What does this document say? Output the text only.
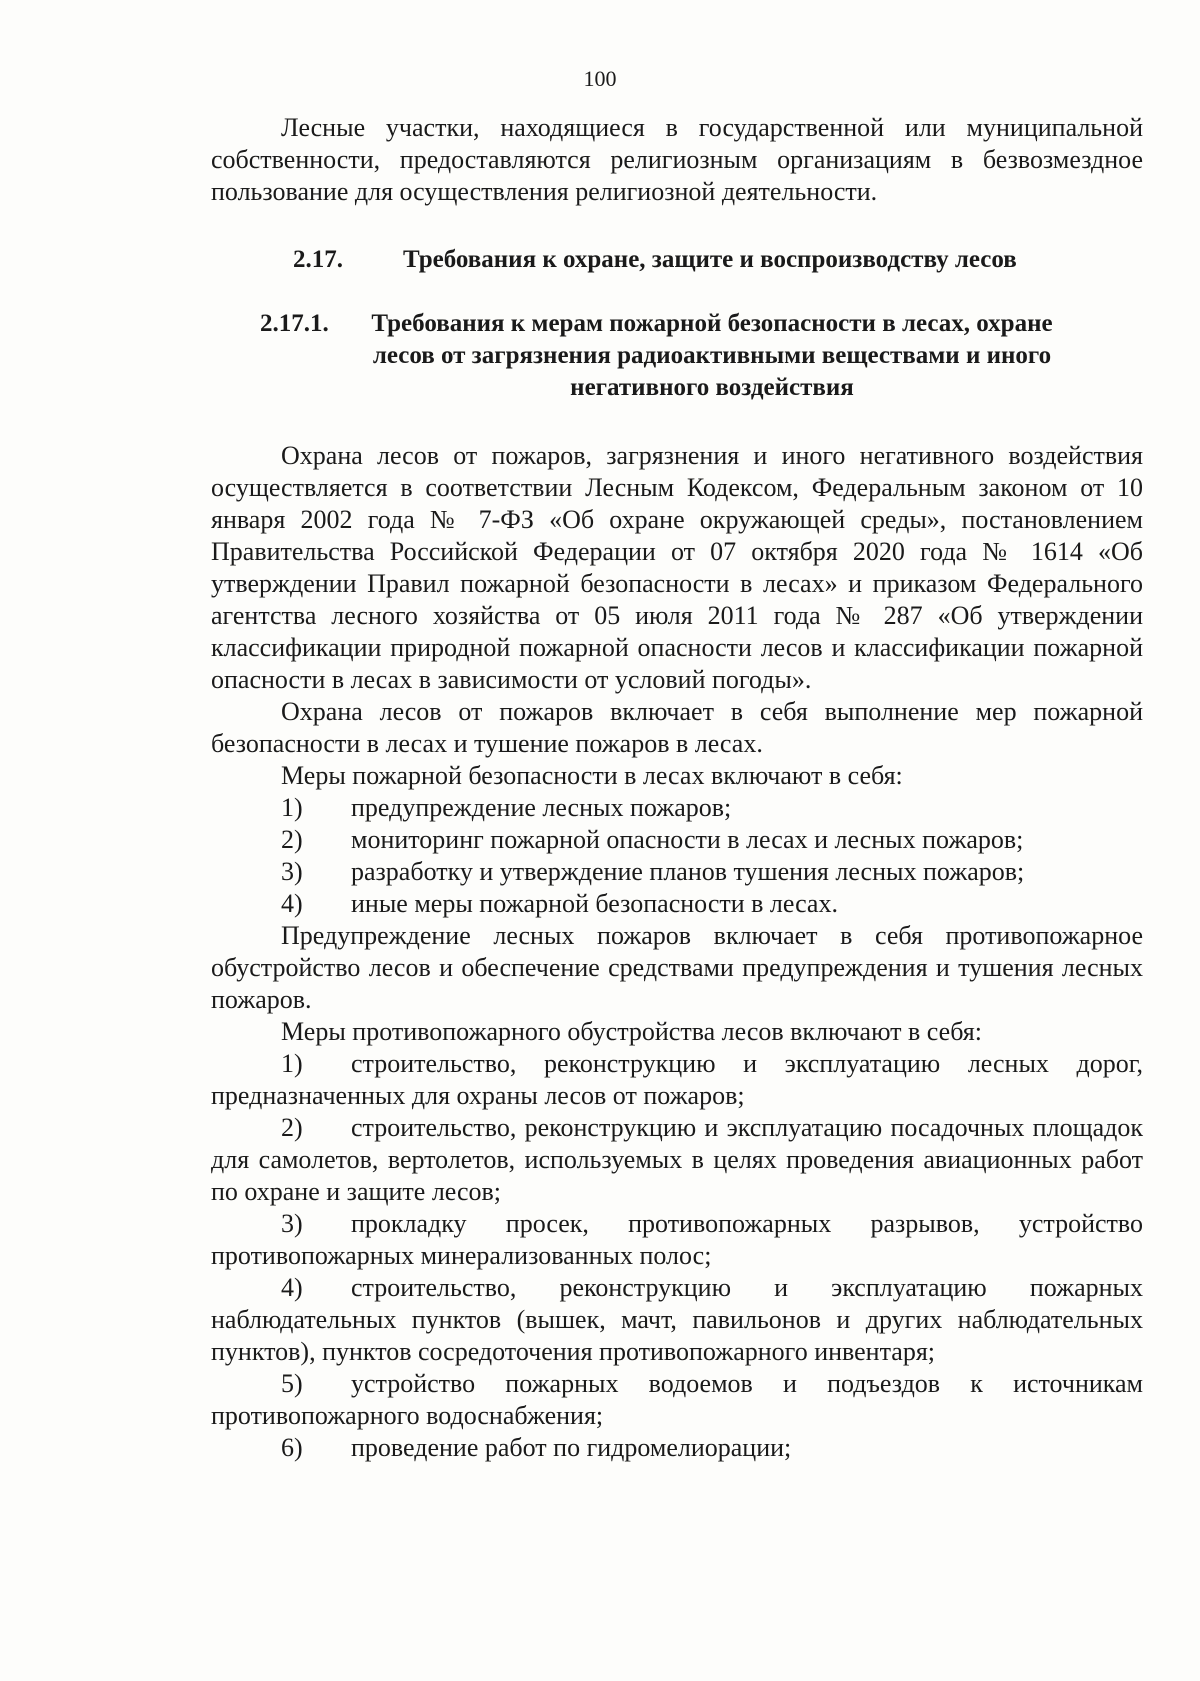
100

Лесные участки, находящиеся в государственной или муниципальной собственности, предоставляются религиозным организациям в безвозмездное пользование для осуществления религиозной деятельности.

2.17.	Требования к охране, защите и воспроизводству лесов
2.17.1.	Требования к мерам пожарной безопасности в лесах, охране
лесов от загрязнения радиоактивными веществами и иного
негативного воздействия

Охрана лесов от пожаров, загрязнения и иного негативного воздействия осуществляется в соответствии Лесным Кодексом, Федеральным законом от 10 января 2002 года № 7-ФЗ «Об охране окружающей среды», постановлением Правительства Российской Федерации от 07 октября 2020 года № 1614 «Об утверждении Правил пожарной безопасности в лесах» и приказом Федерального агентства лесного хозяйства от 05 июля 2011 года № 287 «Об утверждении классификации природной пожарной опасности лесов и классификации пожарной опасности в лесах в зависимости от условий погоды».

Охрана лесов от пожаров включает в себя выполнение мер пожарной безопасности в лесах и тушение пожаров в лесах.

Меры пожарной безопасности в лесах включают в себя:

1)	предупреждение лесных пожаров;
2)	мониторинг пожарной опасности в лесах и лесных пожаров;
3)	разработку и утверждение планов тушения лесных пожаров;
4)	иные меры пожарной безопасности в лесах.

Предупреждение лесных пожаров включает в себя противопожарное обустройство лесов и обеспечение средствами предупреждения и тушения лесных пожаров.

Меры противопожарного обустройства лесов включают в себя:

1) строительство, реконструкцию и эксплуатацию лесных дорог, предназначенных для охраны лесов от пожаров;

2) строительство, реконструкцию и эксплуатацию посадочных площадок для самолетов, вертолетов, используемых в целях проведения авиационных работ по охране и защите лесов;

3) прокладку просек, противопожарных разрывов, устройство противопожарных минерализованных полос;

4) строительство, реконструкцию и эксплуатацию пожарных наблюдательных пунктов (вышек, мачт, павильонов и других наблюдательных пунктов), пунктов сосредоточения противопожарного инвентаря;

5) устройство пожарных водоемов и подъездов к источникам противопожарного водоснабжения;

6) проведение работ по гидромелиорации;
